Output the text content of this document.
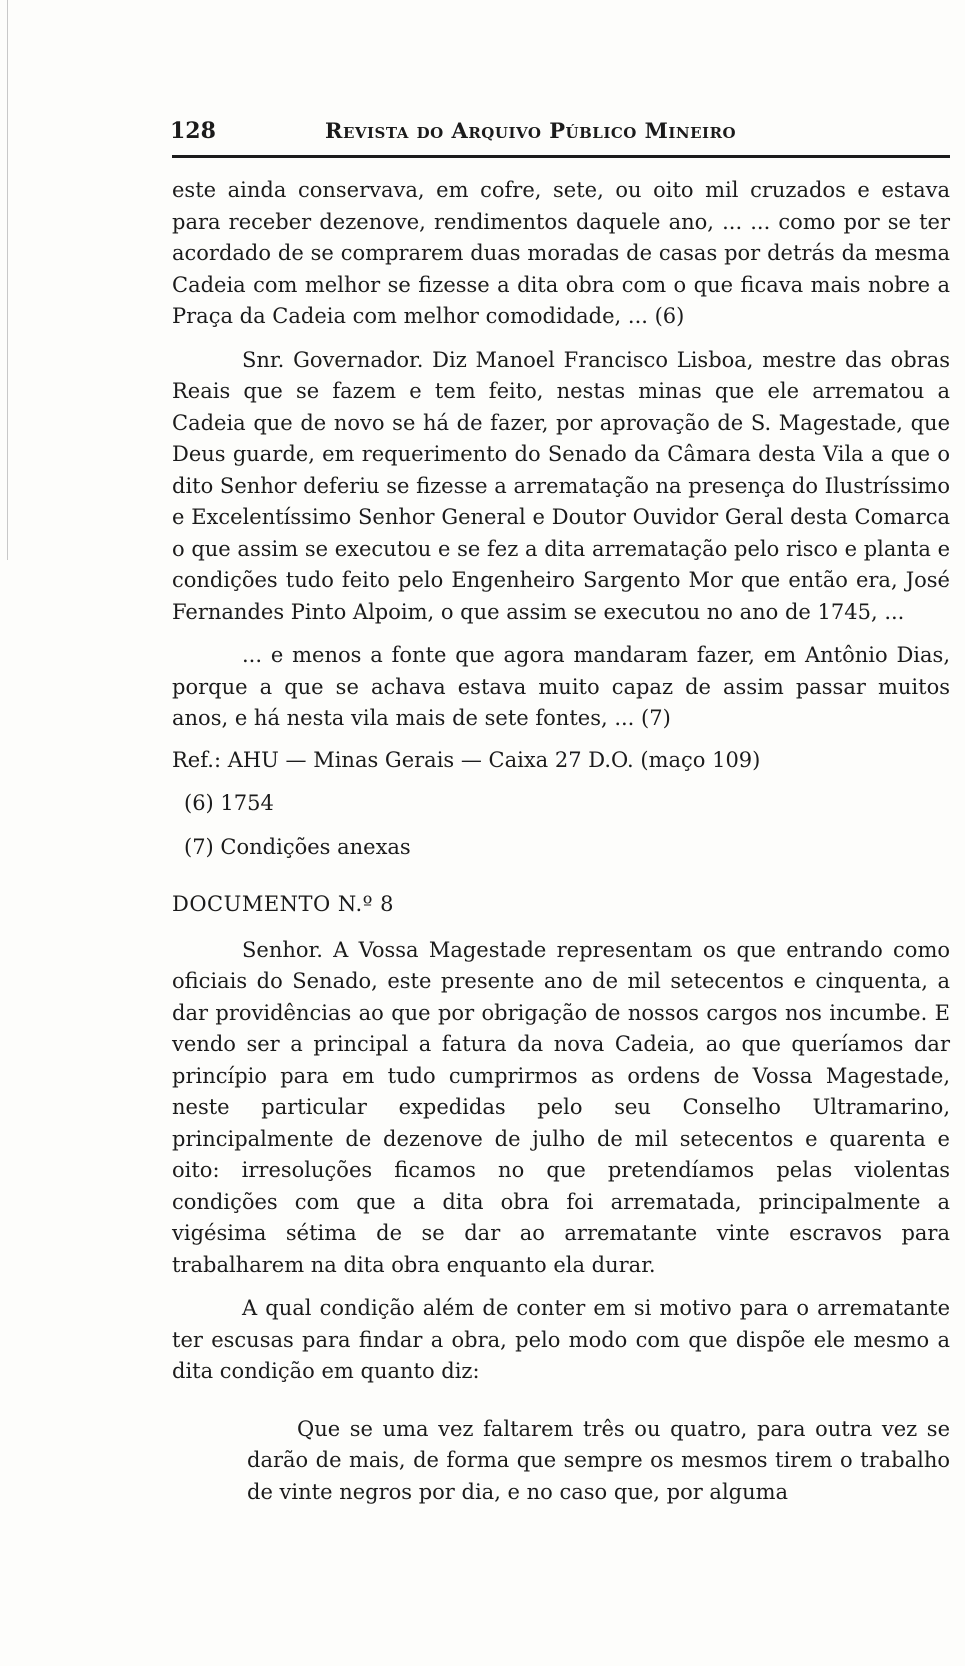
128	Revista do Arquivo Público Mineiro

este ainda conservava, em cofre, sete, ou oito mil cruzados e estava para receber dezenove, rendimentos daquele ano, ... ... como por se ter acordado de se comprarem duas moradas de casas por detrás da mesma Cadeia com melhor se fizesse a dita obra com o que ficava mais nobre a Praça da Cadeia com melhor comodidade, ... (6)

Snr. Governador. Diz Manoel Francisco Lisboa, mestre das obras Reais que se fazem e tem feito, nestas minas que ele arrematou a Cadeia que de novo se há de fazer, por aprovação de S. Magestade, que Deus guarde, em requerimento do Senado da Câmara desta Vila a que o dito Senhor deferiu se fizesse a arrematação na presença do Ilustríssimo e Excelentíssimo Senhor General e Doutor Ouvidor Geral desta Comarca o que assim se executou e se fez a dita arrematação pelo risco e planta e condições tudo feito pelo Engenheiro Sargento Mor que então era, José Fernandes Pinto Alpoim, o que assim se executou no ano de 1745, ...

... e menos a fonte que agora mandaram fazer, em Antônio Dias, porque a que se achava estava muito capaz de assim passar muitos anos, e há nesta vila mais de sete fontes, ... (7)

Ref.: AHU — Minas Gerais — Caixa 27 D.O. (maço 109)

(6) 1754

(7) Condições anexas

DOCUMENTO N.º 8

Senhor. A Vossa Magestade representam os que entrando como oficiais do Senado, este presente ano de mil setecentos e cinquenta, a dar providências ao que por obrigação de nossos cargos nos incumbe. E vendo ser a principal a fatura da nova Cadeia, ao que queríamos dar princípio para em tudo cumprirmos as ordens de Vossa Magestade, neste particular expedidas pelo seu Conselho Ultramarino, principalmente de dezenove de julho de mil setecentos e quarenta e oito: irresoluções ficamos no que pretendíamos pelas violentas condições com que a dita obra foi arrematada, principalmente a vigésima sétima de se dar ao arrematante vinte escravos para trabalharem na dita obra enquanto ela durar.

A qual condição além de conter em si motivo para o arrematante ter escusas para findar a obra, pelo modo com que dispõe ele mesmo a dita condição em quanto diz:

Que se uma vez faltarem três ou quatro, para outra vez se darão de mais, de forma que sempre os mesmos tirem o trabalho de vinte negros por dia, e no caso que, por alguma
